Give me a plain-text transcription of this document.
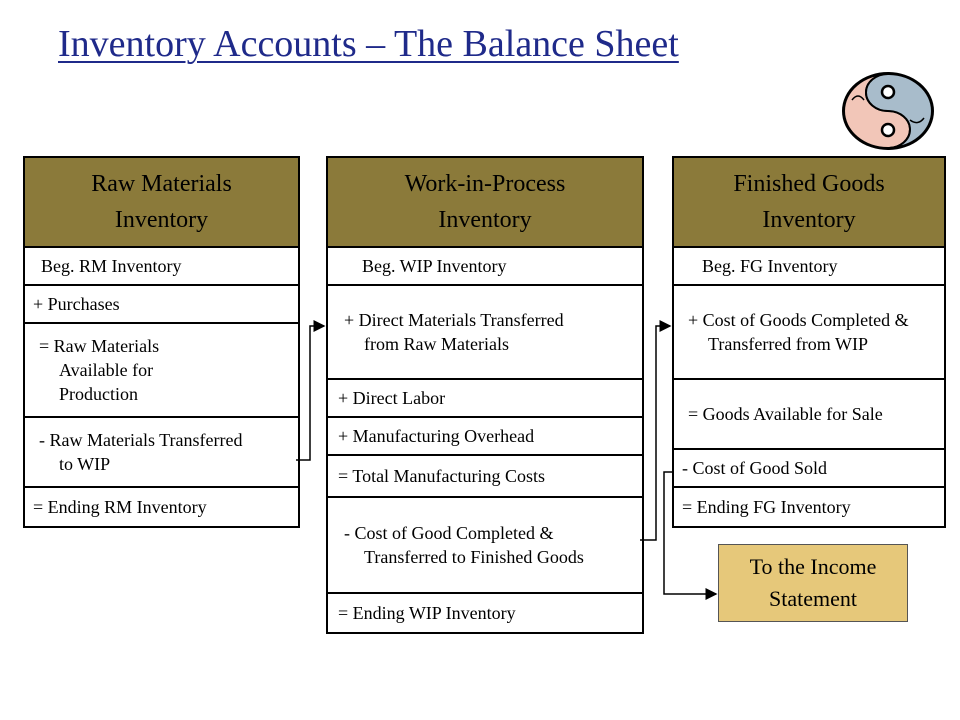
Inventory Accounts – The Balance Sheet
Raw Materials
Inventory
Beg. RM Inventory
+ Purchases
= Raw Materials Available for Production
- Raw Materials Transferred to WIP
= Ending RM Inventory
Work-in-Process
Inventory
Beg. WIP Inventory
+ Direct Materials Transferred from Raw Materials
+ Direct Labor
+ Manufacturing Overhead
= Total Manufacturing Costs
- Cost of Good Completed & Transferred to Finished Goods
= Ending WIP Inventory
Finished Goods
Inventory
Beg. FG Inventory
+ Cost of Goods Completed & Transferred from WIP
= Goods Available for Sale
- Cost of Good Sold
= Ending FG Inventory
To the Income
Statement
